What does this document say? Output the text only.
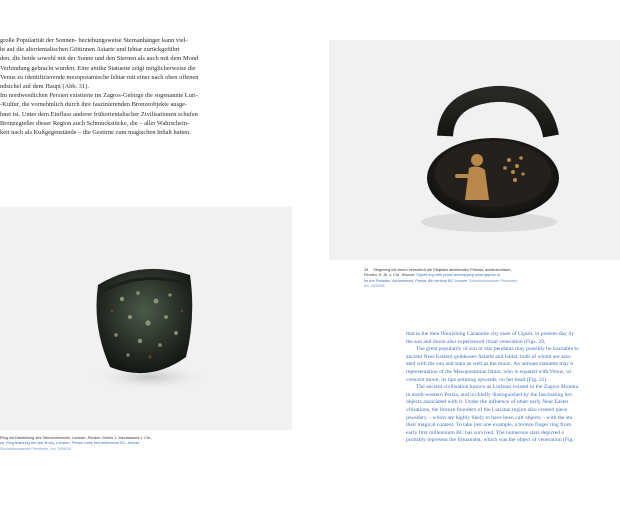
große Popularität der Sonnen- beziehungsweise Sternanhänger kann viel-
ht auf die altorientalischen Göttinnen Astarte und Ishtar zurückgeführt
den, die beide sowohl mit der Sonne und den Sternen als auch mit dem Mond
Verbindung gebracht wurden. Eine antike Statuette zeigt möglicherweise die
Venus zu identifizierende mesopotamische Ishtar mit einer nach oben offenen
ndsichel auf dem Haupt (Abb. 31).
Im nordwestlichen Persien existierte im Zagros-Gebirge die sogenannte Luri-
-Kultur, die vornehmlich durch ihre faszinierenden Bronzeobjekte ausge-
hnet ist. Unter dem Einfluss anderer frühorientalischer Zivilisationen schufen
Bronzegießer dieser Region auch Schmuckstücke, die – aller Wahrschein-
keit nach als Kultgegenstände – die Gestirne zum magischen Inhalt hatten.
Ring mit Darstellung des Sternenhimmels, Luristan, Persien, frühes 1. Jahrtausend v. Chr.,
ze. Ring featuring the star-lit sky, Luristan, Persia, early first millennium BC, bronze.
Schmuckmuseum Pforzheim, Inv. 1999/10
33 Siegelring mit einem vermutlich die Plejaden anbetenden Priester, achämenidisch,
Persien, 6. Jh. v. Chr., Bronze. Signet ring with priest worshipping what appear to
be the Pleiades, Achaemenid, Persia, 6th century BC, bronze. Schmuckmuseum Pforzheim,
Inv. 1999/94
that in the then flourishing Canaanite city state of Ugarit, in present-day Sy
the sun and moon also experienced ritual veneration (Figs. 29,
The great popularity of sun or star pendants may possibly be traceable to
ancient Near Eastern goddesses Astarte and Ishtar, both of whom are asso
ated with the sun and stars as well as the moon. An antique statuette may b
representation of the Mesopotamian Ishtar, who is equated with Venus, wi
crescent moon, its tips pointing upwards, on her head (Fig. 31).
The ancient civilisation known as Luristan existed in the Zagros Mounta
in north-western Persia, and is chiefly distinguished by the fascinating bro
objects associated with it. Under the influence of other early Near Easter
vilisations, the bronze founders of the Luristan region also created piece
jewellery – which are highly likely to have been cult objects – with the sta
their magical content. To take just one example, a bronze finger ring from
early first millennium BC has survived. The numerous stars depicted o
probably represent the firmament, which was the object of veneration (Fig.
